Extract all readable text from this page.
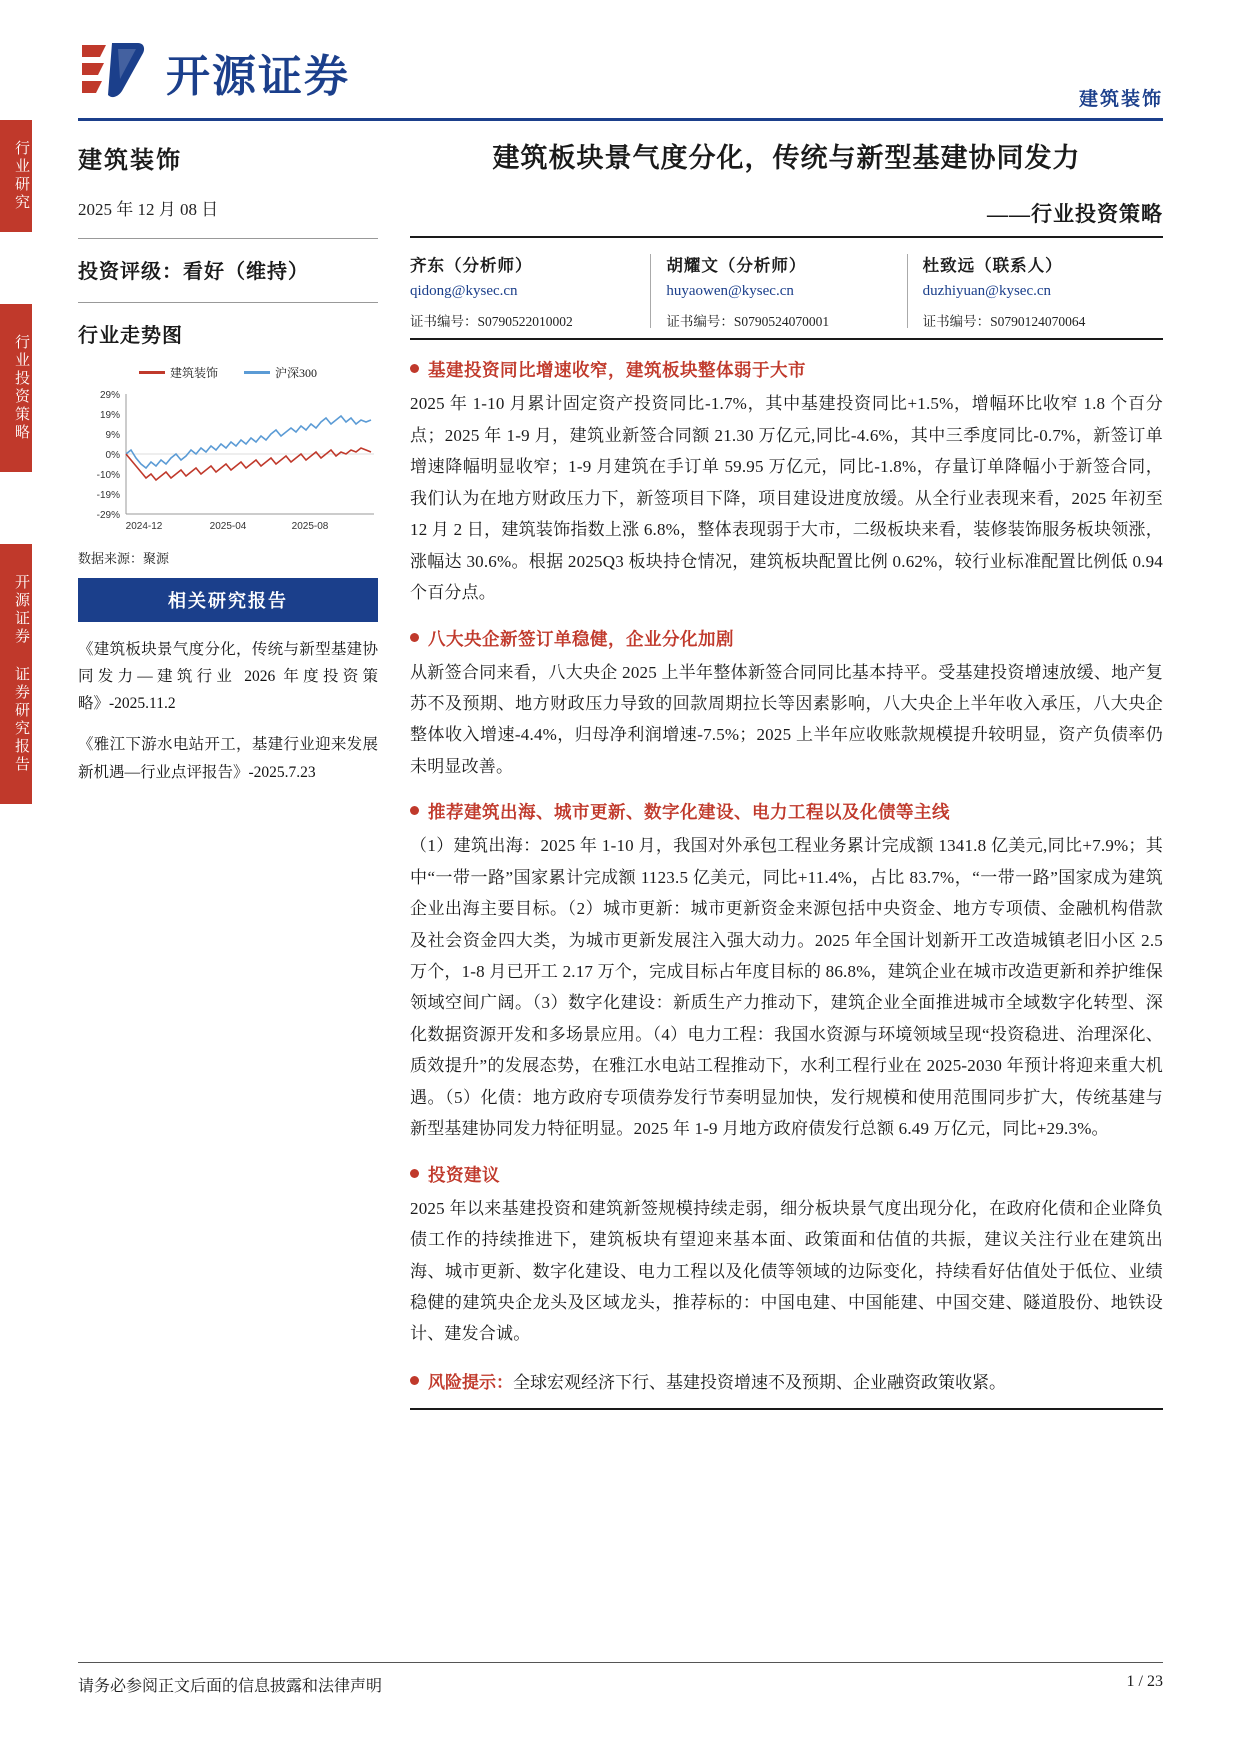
行业研究
行业投资策略
开源证券 证券研究报告
开源证券	建筑装饰
建筑装饰
2025 年 12 月 08 日
投资评级：看好（维持）
行业走势图
建筑装饰	沪深300
29%
19%
9%
0%
-10%
-19%
-29%
2024-12	2025-04	2025-08
数据来源：聚源
相关研究报告
《建筑板块景气度分化，传统与新型基建协同发力—建筑行业 2026 年度投资策略》-2025.11.2
《雅江下游水电站开工，基建行业迎来发展新机遇—行业点评报告》-2025.7.23
建筑板块景气度分化，传统与新型基建协同发力
——行业投资策略
齐东（分析师）
qidong@kysec.cn
证书编号：S0790522010002
胡耀文（分析师）
huyaowen@kysec.cn
证书编号：S0790524070001
杜致远（联系人）
duzhiyuan@kysec.cn
证书编号：S0790124070064
基建投资同比增速收窄，建筑板块整体弱于大市
2025 年 1-10 月累计固定资产投资同比-1.7%，其中基建投资同比+1.5%，增幅环比收窄 1.8 个百分点；2025 年 1-9 月，建筑业新签合同额 21.30 万亿元,同比-4.6%，其中三季度同比-0.7%，新签订单增速降幅明显收窄；1-9 月建筑在手订单 59.95 万亿元，同比-1.8%，存量订单降幅小于新签合同，我们认为在地方财政压力下，新签项目下降，项目建设进度放缓。从全行业表现来看，2025 年初至 12 月 2 日，建筑装饰指数上涨 6.8%，整体表现弱于大市，二级板块来看，装修装饰服务板块领涨，涨幅达 30.6%。根据 2025Q3 板块持仓情况，建筑板块配置比例 0.62%，较行业标准配置比例低 0.94 个百分点。
八大央企新签订单稳健，企业分化加剧
从新签合同来看，八大央企 2025 上半年整体新签合同同比基本持平。受基建投资增速放缓、地产复苏不及预期、地方财政压力导致的回款周期拉长等因素影响，八大央企上半年收入承压，八大央企整体收入增速-4.4%，归母净利润增速-7.5%；2025 上半年应收账款规模提升较明显，资产负债率仍未明显改善。
推荐建筑出海、城市更新、数字化建设、电力工程以及化债等主线
（1）建筑出海：2025 年 1-10 月，我国对外承包工程业务累计完成额 1341.8 亿美元,同比+7.9%；其中“一带一路”国家累计完成额 1123.5 亿美元，同比+11.4%，占比 83.7%，“一带一路”国家成为建筑企业出海主要目标。（2）城市更新：城市更新资金来源包括中央资金、地方专项债、金融机构借款及社会资金四大类，为城市更新发展注入强大动力。2025 年全国计划新开工改造城镇老旧小区 2.5 万个，1-8 月已开工 2.17 万个，完成目标占年度目标的 86.8%，建筑企业在城市改造更新和养护维保领域空间广阔。（3）数字化建设：新质生产力推动下，建筑企业全面推进城市全域数字化转型、深化数据资源开发和多场景应用。（4）电力工程：我国水资源与环境领域呈现“投资稳进、治理深化、质效提升”的发展态势，在雅江水电站工程推动下，水利工程行业在 2025-2030 年预计将迎来重大机遇。（5）化债：地方政府专项债券发行节奏明显加快，发行规模和使用范围同步扩大，传统基建与新型基建协同发力特征明显。2025 年 1-9 月地方政府债发行总额 6.49 万亿元，同比+29.3%。
投资建议
2025 年以来基建投资和建筑新签规模持续走弱，细分板块景气度出现分化，在政府化债和企业降负债工作的持续推进下，建筑板块有望迎来基本面、政策面和估值的共振，建议关注行业在建筑出海、城市更新、数字化建设、电力工程以及化债等领域的边际变化，持续看好估值处于低位、业绩稳健的建筑央企龙头及区域龙头，推荐标的：中国电建、中国能建、中国交建、隧道股份、地铁设计、建发合诚。
风险提示：全球宏观经济下行、基建投资增速不及预期、企业融资政策收紧。
请务必参阅正文后面的信息披露和法律声明	1 / 23
